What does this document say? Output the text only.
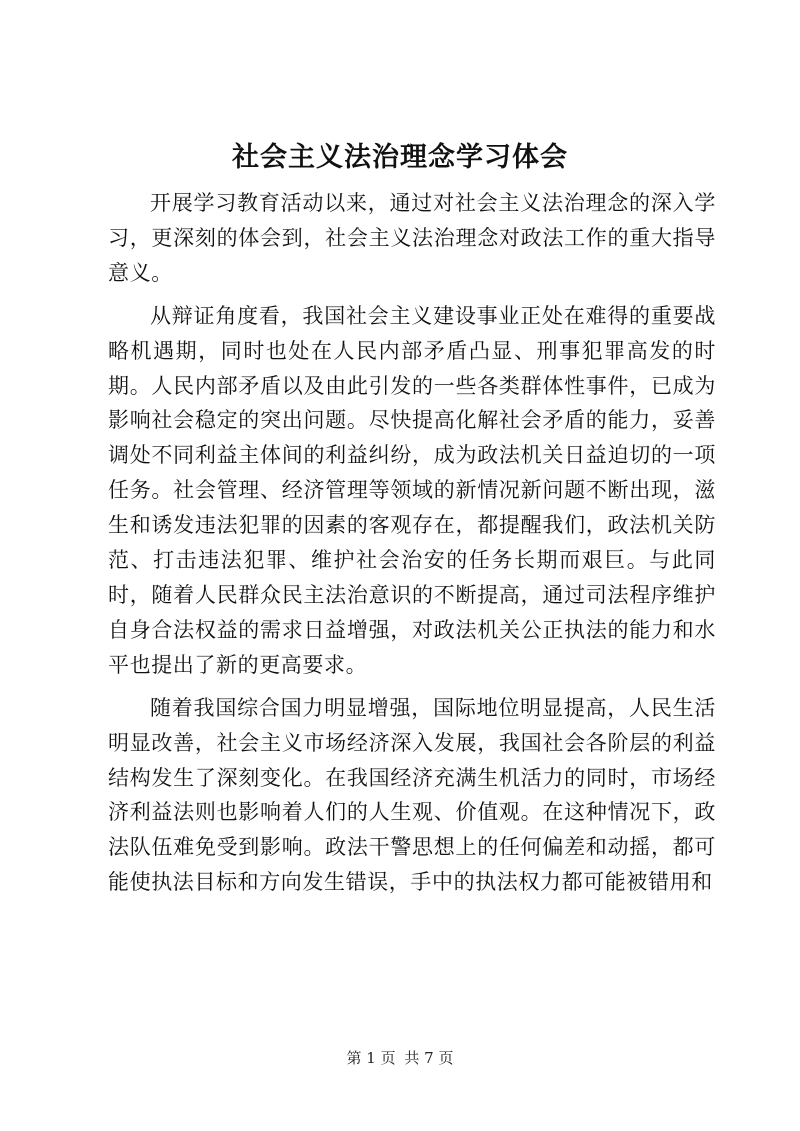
社会主义法治理念学习体会

开展学习教育活动以来，通过对社会主义法治理念的深入学习，更深刻的体会到，社会主义法治理念对政法工作的重大指导意义。

从辩证角度看，我国社会主义建设事业正处在难得的重要战略机遇期，同时也处在人民内部矛盾凸显、刑事犯罪高发的时期。人民内部矛盾以及由此引发的一些各类群体性事件，已成为影响社会稳定的突出问题。尽快提高化解社会矛盾的能力，妥善调处不同利益主体间的利益纠纷，成为政法机关日益迫切的一项任务。社会管理、经济管理等领域的新情况新问题不断出现，滋生和诱发违法犯罪的因素的客观存在，都提醒我们，政法机关防范、打击违法犯罪、维护社会治安的任务长期而艰巨。与此同时，随着人民群众民主法治意识的不断提高，通过司法程序维护自身合法权益的需求日益增强，对政法机关公正执法的能力和水平也提出了新的更高要求。

随着我国综合国力明显增强，国际地位明显提高，人民生活明显改善，社会主义市场经济深入发展，我国社会各阶层的利益结构发生了深刻变化。在我国经济充满生机活力的同时，市场经济利益法则也影响着人们的人生观、价值观。在这种情况下，政法队伍难免受到影响。政法干警思想上的任何偏差和动摇，都可能使执法目标和方向发生错误，手中的执法权力都可能被错用和

第 1 页 共 7 页
